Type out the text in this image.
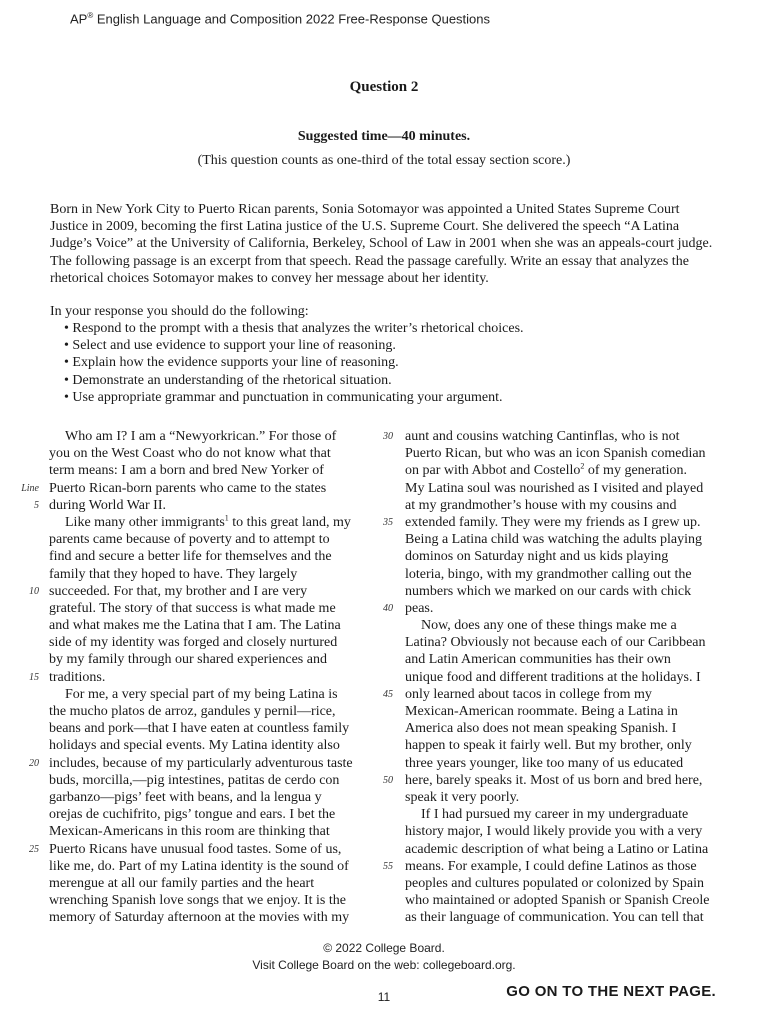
AP® English Language and Composition 2022 Free-Response Questions
Question 2
Suggested time—40 minutes.
(This question counts as one-third of the total essay section score.)

Born in New York City to Puerto Rican parents, Sonia Sotomayor was appointed a United States Supreme Court Justice in 2009, becoming the first Latina justice of the U.S. Supreme Court. She delivered the speech “A Latina Judge’s Voice” at the University of California, Berkeley, School of Law in 2001 when she was an appeals-court judge. The following passage is an excerpt from that speech. Read the passage carefully. Write an essay that analyzes the rhetorical choices Sotomayor makes to convey her message about her identity.

In your response you should do the following:
• Respond to the prompt with a thesis that analyzes the writer’s rhetorical choices.
• Select and use evidence to support your line of reasoning.
• Explain how the evidence supports your line of reasoning.
• Demonstrate an understanding of the rhetorical situation.
• Use appropriate grammar and punctuation in communicating your argument.
Who am I? I am a “Newyorkrican.” For those of
you on the West Coast who do not know what that
term means: I am a born and bred New Yorker of
Line Puerto Rican-born parents who came to the states
5 during World War II.
Like many other immigrants$^1$ to this great land, my
parents came because of poverty and to attempt to
find and secure a better life for themselves and the
family that they hoped to have. They largely
10 succeeded. For that, my brother and I are very
grateful. The story of that success is what made me
and what makes me the Latina that I am. The Latina
side of my identity was forged and closely nurtured
by my family through our shared experiences and
15 traditions.
For me, a very special part of my being Latina is
the mucho platos de arroz, gandules y pernil—rice,
beans and pork—that I have eaten at countless family
holidays and special events. My Latina identity also
20 includes, because of my particularly adventurous taste
buds, morcilla,—pig intestines, patitas de cerdo con
garbanzo—pigs’ feet with beans, and la lengua y
orejas de cuchifrito, pigs’ tongue and ears. I bet the
Mexican-Americans in this room are thinking that
25 Puerto Ricans have unusual food tastes. Some of us,
like me, do. Part of my Latina identity is the sound of
merengue at all our family parties and the heart
wrenching Spanish love songs that we enjoy. It is the
memory of Saturday afternoon at the movies with my
30 aunt and cousins watching Cantinflas, who is not
Puerto Rican, but who was an icon Spanish comedian
on par with Abbot and Costello$^2$ of my generation.
My Latina soul was nourished as I visited and played
at my grandmother’s house with my cousins and
35 extended family. They were my friends as I grew up.
Being a Latina child was watching the adults playing
dominos on Saturday night and us kids playing
loteria, bingo, with my grandmother calling out the
numbers which we marked on our cards with chick
40 peas.
Now, does any one of these things make me a
Latina? Obviously not because each of our Caribbean
and Latin American communities has their own
unique food and different traditions at the holidays. I
45 only learned about tacos in college from my
Mexican-American roommate. Being a Latina in
America also does not mean speaking Spanish. I
happen to speak it fairly well. But my brother, only
three years younger, like too many of us educated
50 here, barely speaks it. Most of us born and bred here,
speak it very poorly.
If I had pursued my career in my undergraduate
history major, I would likely provide you with a very
academic description of what being a Latino or Latina
55 means. For example, I could define Latinos as those
peoples and cultures populated or colonized by Spain
who maintained or adopted Spanish or Spanish Creole
as their language of communication. You can tell that
© 2022 College Board.
Visit College Board on the web: collegeboard.org.
11	GO ON TO THE NEXT PAGE.
